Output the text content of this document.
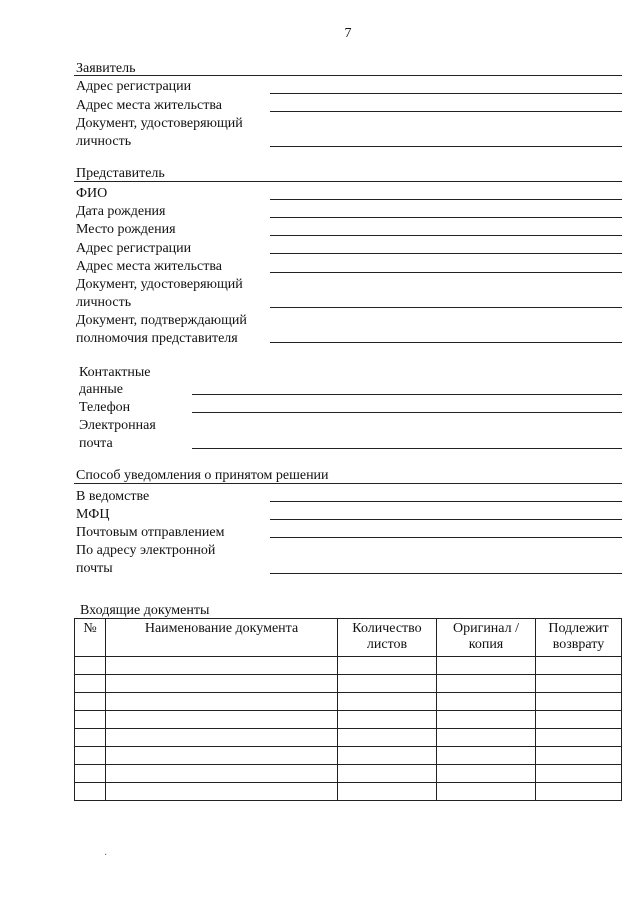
7
Заявитель
Адрес регистрации
Адрес места жительства
Документ, удостоверяющий
личность
Представитель
ФИО
Дата рождения
Место рождения
Адрес регистрации
Адрес места жительства
Документ, удостоверяющий
личность
Документ, подтверждающий
полномочия представителя
Контактные
данные
Телефон
Электронная
почта
Способ уведомления о принятом решении
В ведомстве
МФЦ
Почтовым отправлением
По адресу электронной
почты
Входящие документы
№	Наименование документа	Количество листов	Оригинал /копия	Подлежит возврату

·
